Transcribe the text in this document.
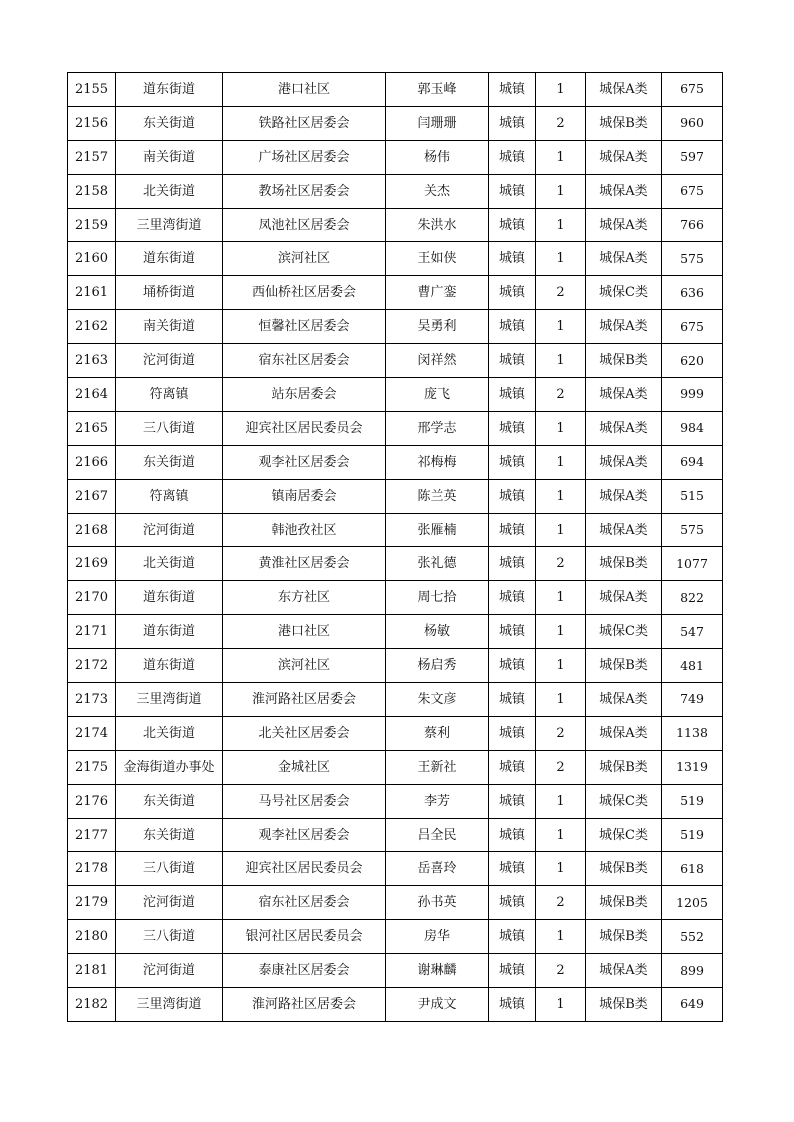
2155	道东街道	港口社区	郭玉峰	城镇	1	城保A类	675
2156	东关街道	铁路社区居委会	闫珊珊	城镇	2	城保B类	960
2157	南关街道	广场社区居委会	杨伟	城镇	1	城保A类	597
2158	北关街道	教场社区居委会	关杰	城镇	1	城保A类	675
2159	三里湾街道	凤池社区居委会	朱洪水	城镇	1	城保A类	766
2160	道东街道	滨河社区	王如侠	城镇	1	城保A类	575
2161	埇桥街道	西仙桥社区居委会	曹广銮	城镇	2	城保C类	636
2162	南关街道	恒馨社区居委会	吴勇利	城镇	1	城保A类	675
2163	沱河街道	宿东社区居委会	闵祥然	城镇	1	城保B类	620
2164	符离镇	站东居委会	庞飞	城镇	2	城保A类	999
2165	三八街道	迎宾社区居民委员会	邢学志	城镇	1	城保A类	984
2166	东关街道	观李社区居委会	祁梅梅	城镇	1	城保A类	694
2167	符离镇	镇南居委会	陈兰英	城镇	1	城保A类	515
2168	沱河街道	韩池孜社区	张雁楠	城镇	1	城保A类	575
2169	北关街道	黄淮社区居委会	张礼德	城镇	2	城保B类	1077
2170	道东街道	东方社区	周七拾	城镇	1	城保A类	822
2171	道东街道	港口社区	杨敏	城镇	1	城保C类	547
2172	道东街道	滨河社区	杨启秀	城镇	1	城保B类	481
2173	三里湾街道	淮河路社区居委会	朱文彦	城镇	1	城保A类	749
2174	北关街道	北关社区居委会	蔡利	城镇	2	城保A类	1138
2175	金海街道办事处	金城社区	王新社	城镇	2	城保B类	1319
2176	东关街道	马号社区居委会	李芳	城镇	1	城保C类	519
2177	东关街道	观李社区居委会	吕全民	城镇	1	城保C类	519
2178	三八街道	迎宾社区居民委员会	岳喜玲	城镇	1	城保B类	618
2179	沱河街道	宿东社区居委会	孙书英	城镇	2	城保B类	1205
2180	三八街道	银河社区居民委员会	房华	城镇	1	城保B类	552
2181	沱河街道	泰康社区居委会	谢琳麟	城镇	2	城保A类	899
2182	三里湾街道	淮河路社区居委会	尹成文	城镇	1	城保B类	649
